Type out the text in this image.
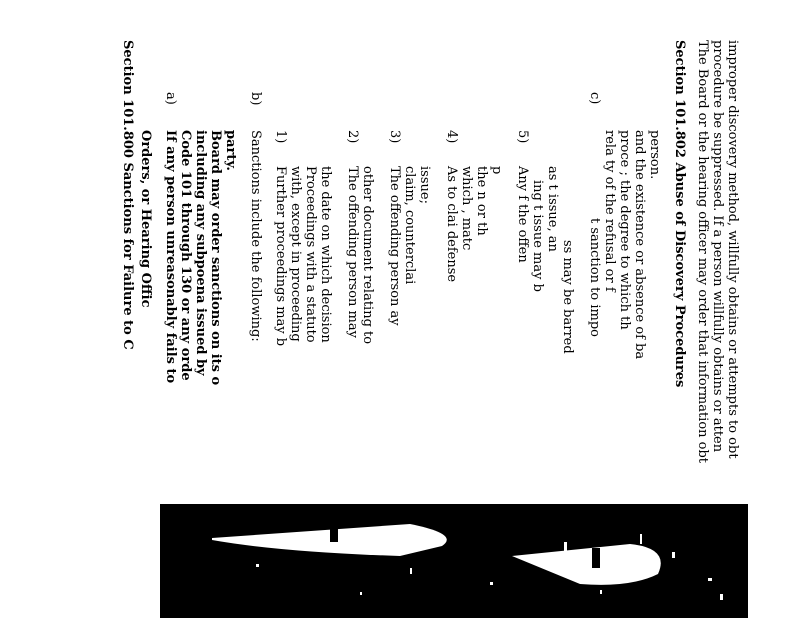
Section 101.800 Sanctions for Failure to C Orders, or Hearing Offic
a)
If any person unreasonably fails to Code 101 through 130 or any orde including any subpoena issued by Board may order sanctions on its o party.
b)
Sanctions include the following: 1)
Further proceedings may b with, except in proceeding Proceedings with a statuto the date on which decision
2)
The offending person may other document relating to
3)
The offending person ay claim, counterclai issue;
4)
As to clai defense which , matc the n or th p
5)
Any f the offen ing t issue may b as t issue, an
ss may be barred
c)
t sanction to impo rela ty of the refusal or f proce ; the degree to which th and the existence or absence of ba person. Section 101.802 Abuse of Discovery Procedures The Board or the hearing officer may order that information obt procedure be suppressed. If a person willfully obtains or atten improper discovery method, willfully obtains or attempts to obt
